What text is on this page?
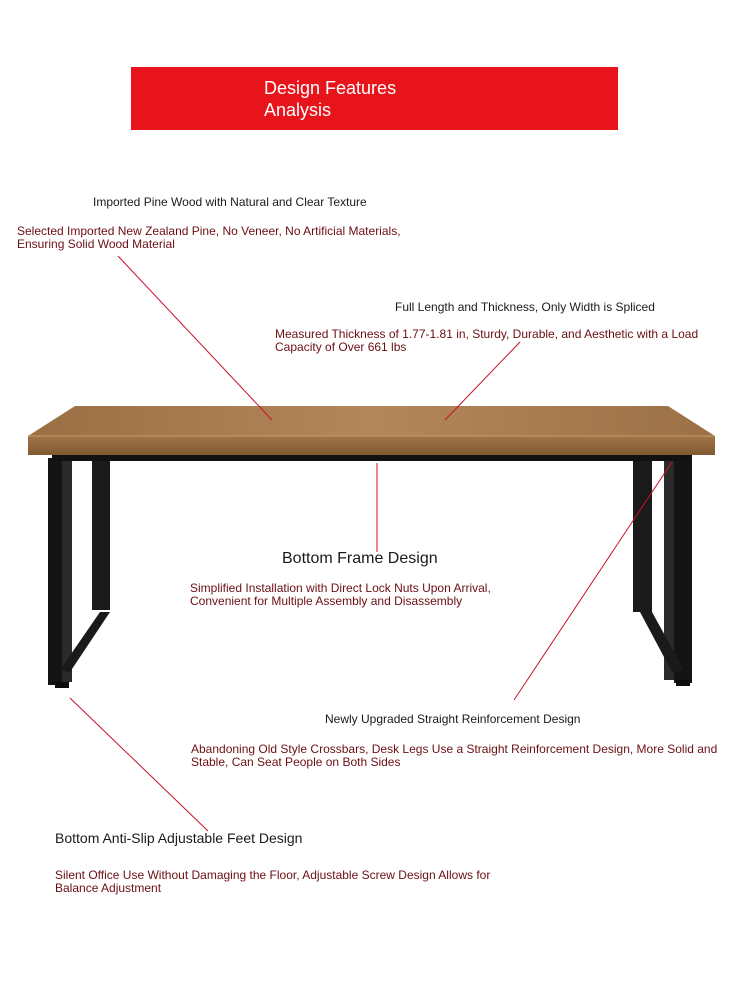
Design Features
Analysis
Imported Pine Wood with Natural and Clear Texture
Selected Imported New Zealand Pine, No Veneer, No Artificial Materials,
Ensuring Solid Wood Material
Full Length and Thickness, Only Width is Spliced
Measured Thickness of 1.77-1.81 in, Sturdy, Durable, and Aesthetic with a Load
Capacity of Over 661 lbs
Bottom Frame Design
Simplified Installation with Direct Lock Nuts Upon Arrival,
Convenient for Multiple Assembly and Disassembly
Newly Upgraded Straight Reinforcement Design
Abandoning Old Style Crossbars, Desk Legs Use a Straight Reinforcement Design, More Solid and
Stable, Can Seat People on Both Sides
Bottom Anti-Slip Adjustable Feet Design
Silent Office Use Without Damaging the Floor, Adjustable Screw Design Allows for
Balance Adjustment
